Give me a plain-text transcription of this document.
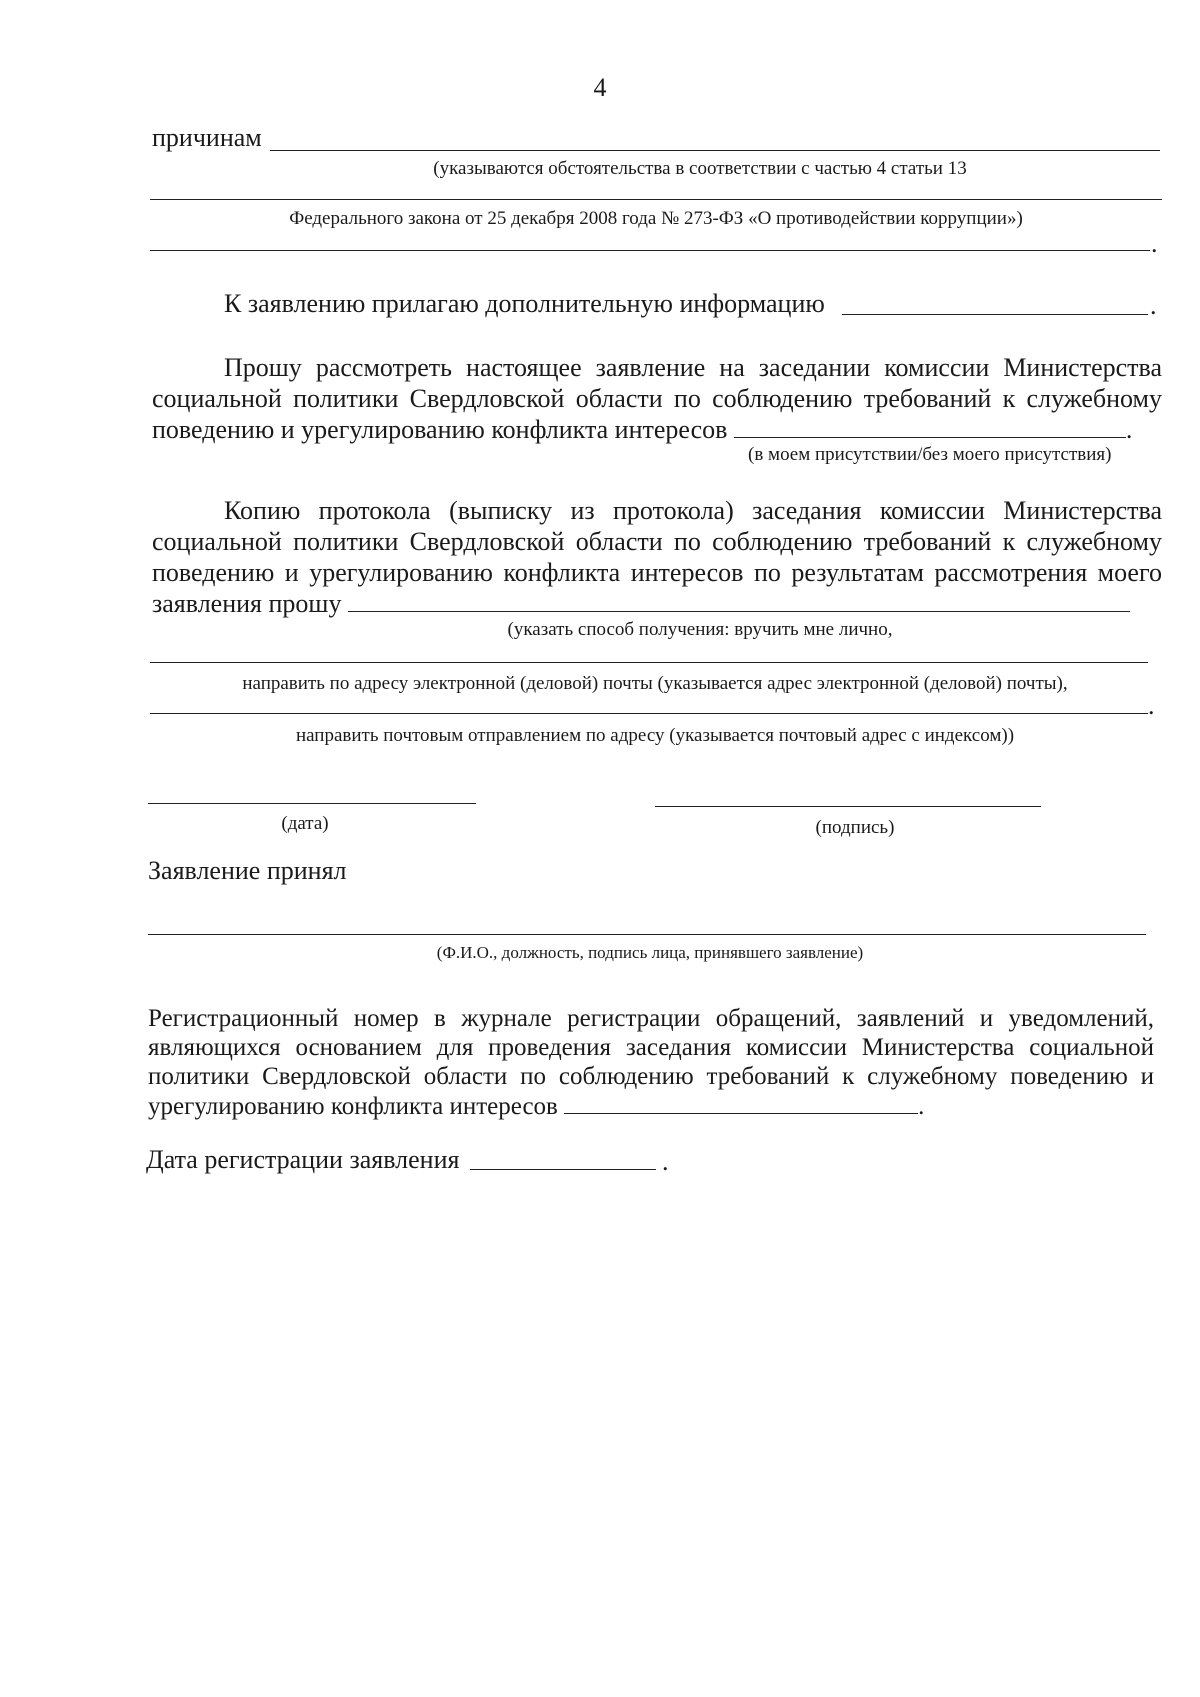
4
причинам
(указываются обстоятельства в соответствии с частью 4 статьи 13
Федерального закона от 25 декабря 2008 года № 273-ФЗ «О противодействии коррупции»)
.
К заявлению прилагаю дополнительную информацию	.
Прошу рассмотреть настоящее заявление на заседании комиссии Министерства социальной политики Свердловской области по соблюдению требований к служебному поведению и урегулированию конфликта интересов	.
(в моем присутствии/без моего присутствия)
Копию протокола (выписку из протокола) заседания комиссии Министерства социальной политики Свердловской области по соблюдению требований к служебному поведению и урегулированию конфликта интересов по результатам рассмотрения моего заявления прошу
(указать способ получения: вручить мне лично,
направить по адресу электронной (деловой) почты (указывается адрес электронной (деловой) почты),
.
направить почтовым отправлением по адресу (указывается почтовый адрес с индексом))
(дата)	(подпись)
Заявление принял
(Ф.И.О., должность, подпись лица, принявшего заявление)
Регистрационный номер в журнале регистрации обращений, заявлений и уведомлений, являющихся основанием для проведения заседания комиссии Министерства социальной политики Свердловской области по соблюдению требований к служебному поведению и урегулированию конфликта интересов	.
Дата регистрации заявления	.
